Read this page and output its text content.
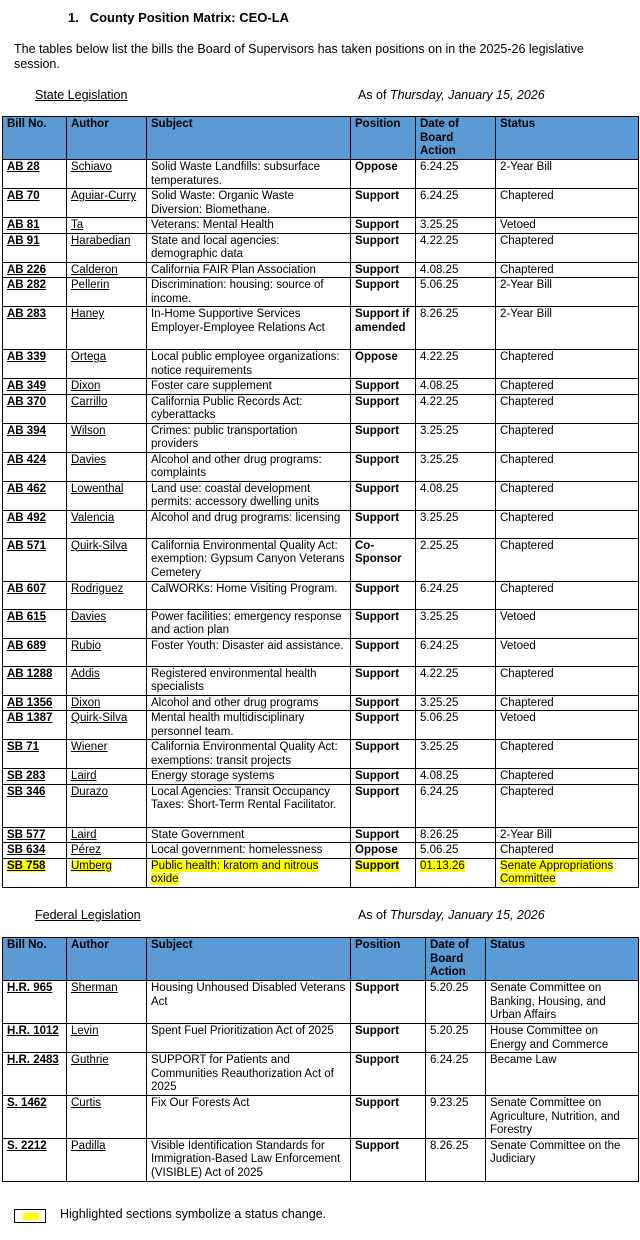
1. County Position Matrix: CEO-LA
The tables below list the bills the Board of Supervisors has taken positions on in the 2025-26 legislative session.
State Legislation	As of Thursday, January 15, 2026
Bill No.	Author	Subject	Position	Date of Board Action	Status
AB 28	Schiavo	Solid Waste Landfills: subsurface temperatures.	Oppose	6.24.25	2-Year Bill
AB 70	Aguiar-Curry	Solid Waste: Organic Waste Diversion: Biomethane.	Support	6.24.25	Chaptered
AB 81	Ta	Veterans: Mental Health	Support	3.25.25	Vetoed
AB 91	Harabedian	State and local agencies: demographic data	Support	4.22.25	Chaptered
AB 226	Calderon	California FAIR Plan Association	Support	4.08.25	Chaptered
AB 282	Pellerin	Discrimination: housing: source of income.	Support	5.06.25	2-Year Bill
AB 283	Haney	In-Home Supportive Services Employer-Employee Relations Act	Support if amended	8.26.25	2-Year Bill
AB 339	Ortega	Local public employee organizations: notice requirements	Oppose	4.22.25	Chaptered
AB 349	Dixon	Foster care supplement	Support	4.08.25	Chaptered
AB 370	Carrillo	California Public Records Act: cyberattacks	Support	4.22.25	Chaptered
AB 394	Wilson	Crimes: public transportation providers	Support	3.25.25	Chaptered
AB 424	Davies	Alcohol and other drug programs: complaints	Support	3.25.25	Chaptered
AB 462	Lowenthal	Land use: coastal development permits: accessory dwelling units	Support	4.08.25	Chaptered
AB 492	Valencia	Alcohol and drug programs: licensing	Support	3.25.25	Chaptered
AB 571	Quirk-Silva	California Environmental Quality Act: exemption: Gypsum Canyon Veterans Cemetery	Co-Sponsor	2.25.25	Chaptered
AB 607	Rodriguez	CalWORKs: Home Visiting Program.	Support	6.24.25	Chaptered
AB 615	Davies	Power facilities: emergency response and action plan	Support	3.25.25	Vetoed
AB 689	Rubio	Foster Youth: Disaster aid assistance.	Support	6.24.25	Vetoed
AB 1288	Addis	Registered environmental health specialists	Support	4.22.25	Chaptered
AB 1356	Dixon	Alcohol and other drug programs	Support	3.25.25	Chaptered
AB 1387	Quirk-Silva	Mental health multidisciplinary personnel team.	Support	5.06.25	Vetoed
SB 71	Wiener	California Environmental Quality Act: exemptions: transit projects	Support	3.25.25	Chaptered
SB 283	Laird	Energy storage systems	Support	4.08.25	Chaptered
SB 346	Durazo	Local Agencies: Transit Occupancy Taxes: Short-Term Rental Facilitator.	Support	6.24.25	Chaptered
SB 577	Laird	State Government	Support	8.26.25	2-Year Bill
SB 634	Pérez	Local government: homelessness	Oppose	5.06.25	Chaptered
SB 758	Umberg	Public health: kratom and nitrous oxide	Support	01.13.26	Senate Appropriations Committee
Federal Legislation	As of Thursday, January 15, 2026
Bill No.	Author	Subject	Position	Date of Board Action	Status
H.R. 965	Sherman	Housing Unhoused Disabled Veterans Act	Support	5.20.25	Senate Committee on Banking, Housing, and Urban Affairs
H.R. 1012	Levin	Spent Fuel Prioritization Act of 2025	Support	5.20.25	House Committee on Energy and Commerce
H.R. 2483	Guthrie	SUPPORT for Patients and Communities Reauthorization Act of 2025	Support	6.24.25	Became Law
S. 1462	Curtis	Fix Our Forests Act	Support	9.23.25	Senate Committee on Agriculture, Nutrition, and Forestry
S. 2212	Padilla	Visible Identification Standards for Immigration-Based Law Enforcement (VISIBLE) Act of 2025	Support	8.26.25	Senate Committee on the Judiciary
Highlighted sections symbolize a status change.
